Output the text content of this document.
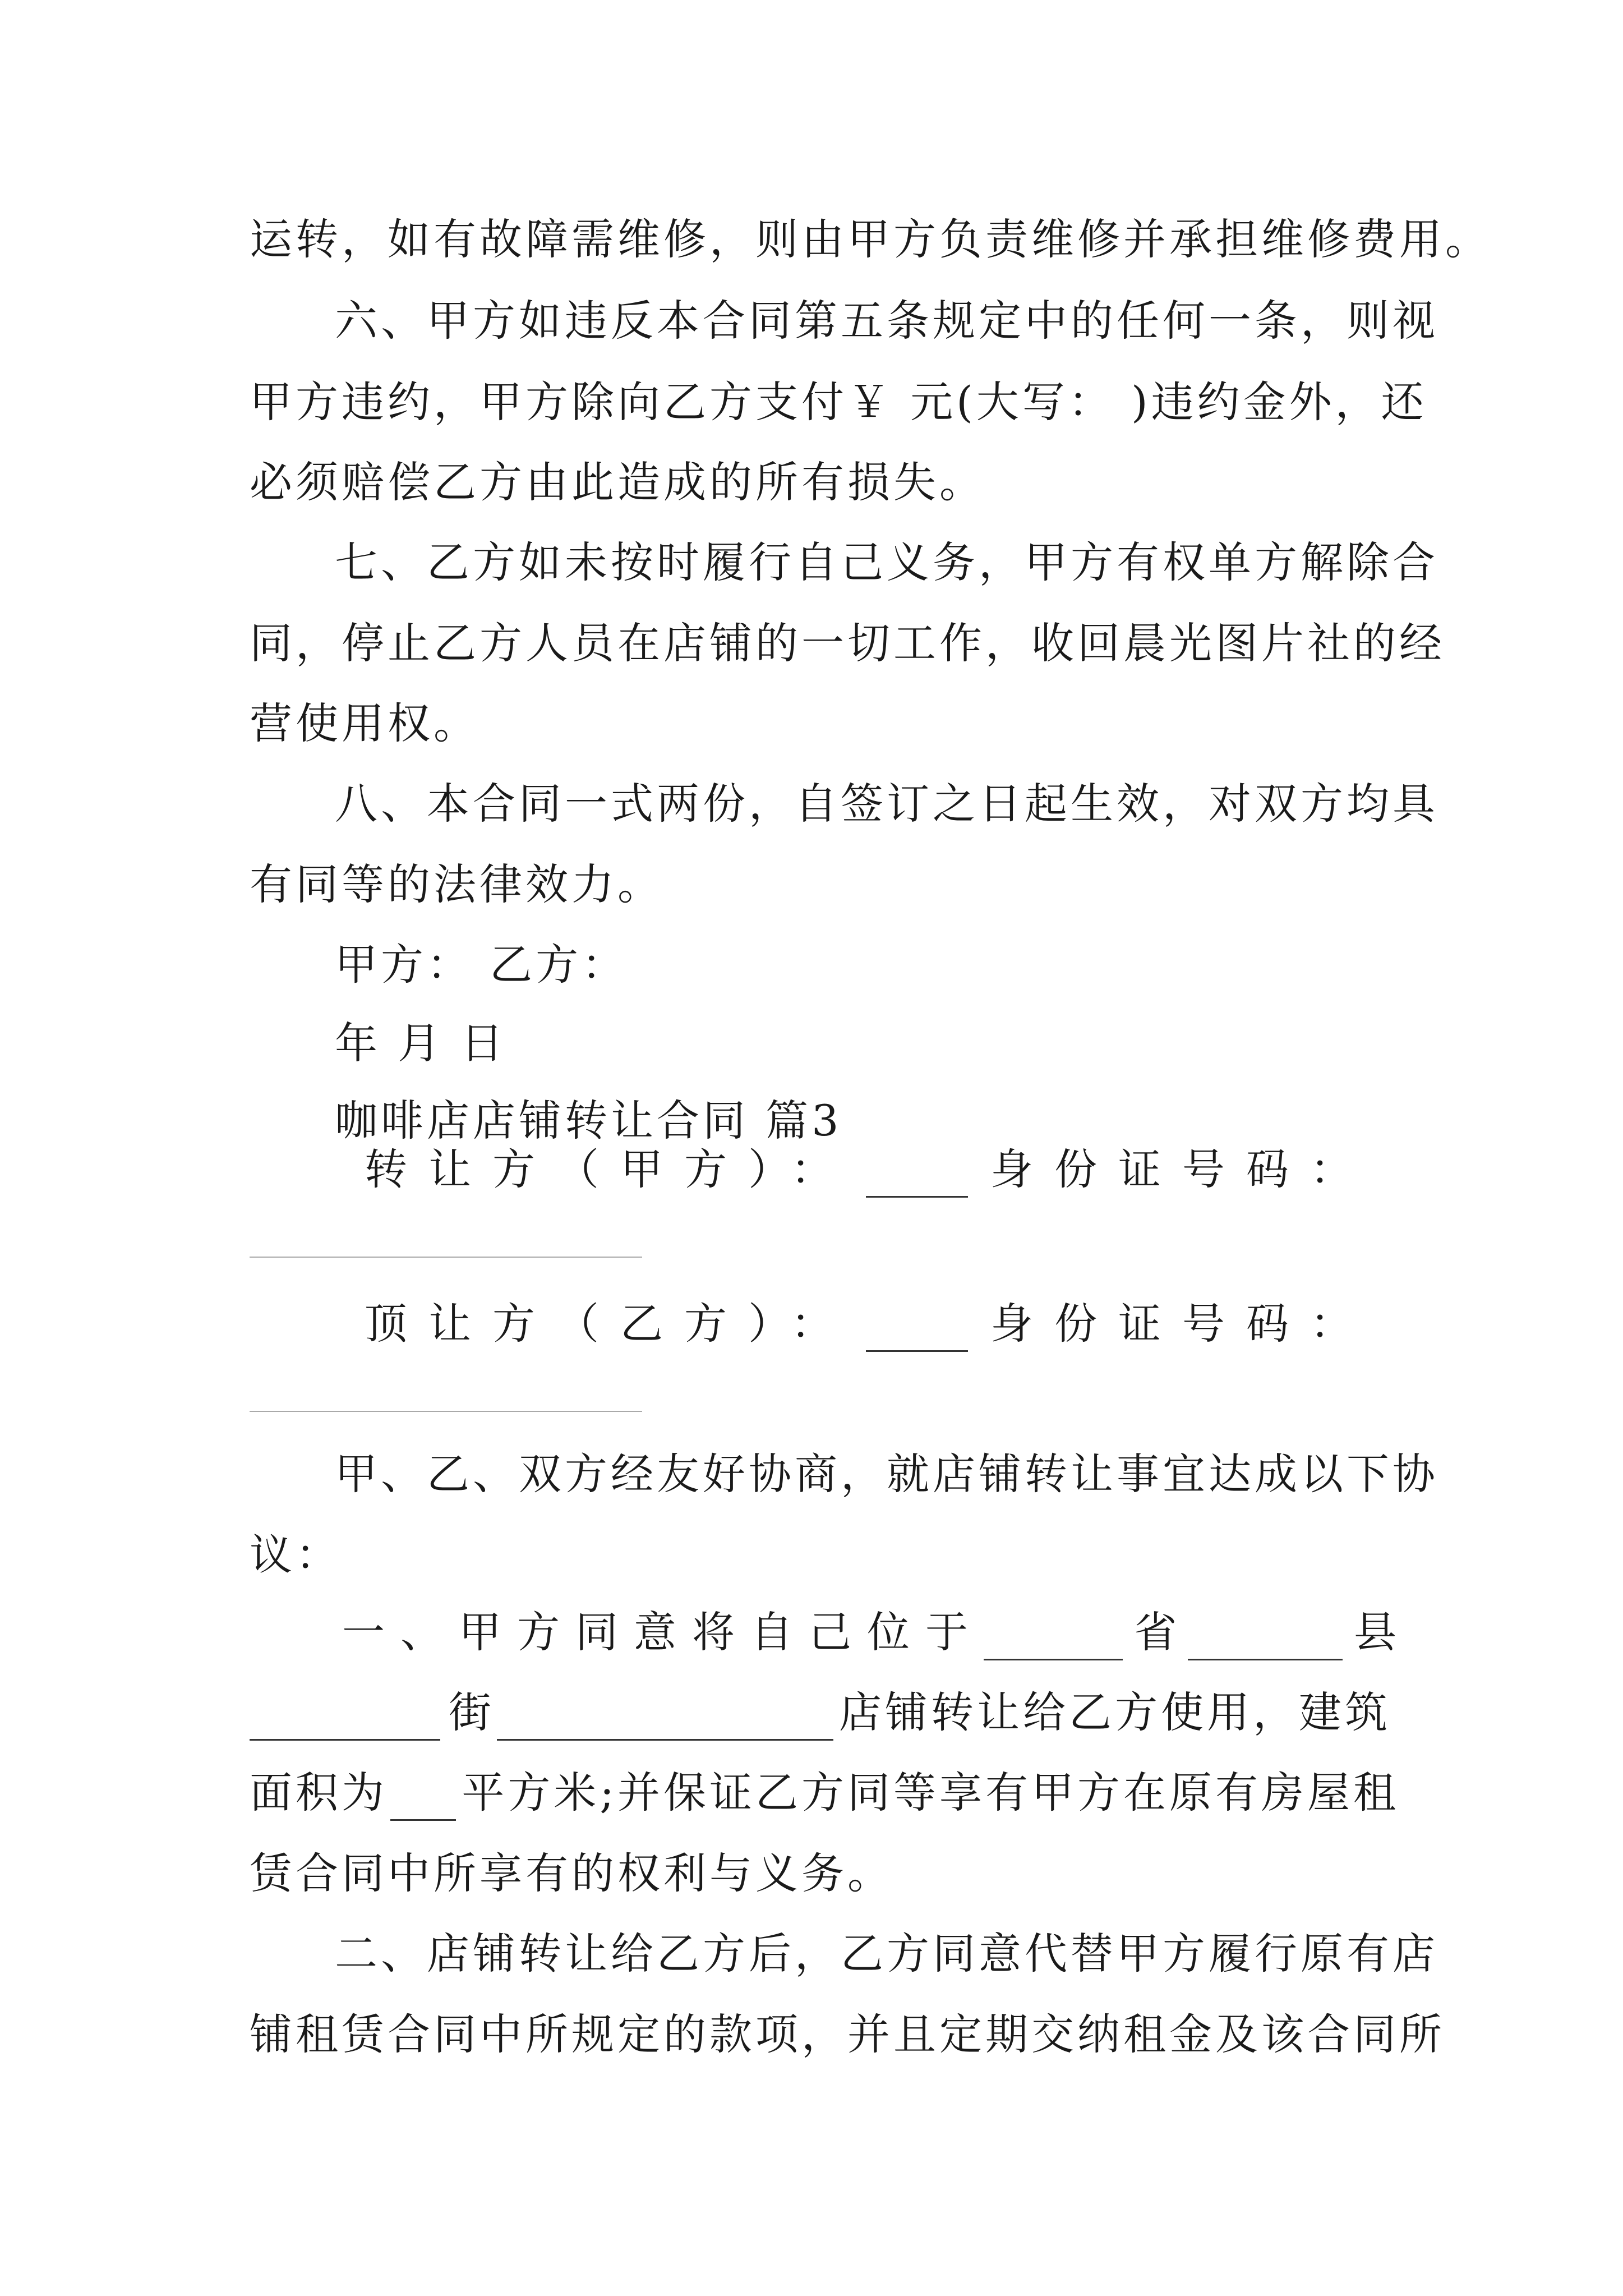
运转，如有故障需维修，则由甲方负责维修并承担维修费用。
六、甲方如违反本合同第五条规定中的任何一条，则视
甲方违约，甲方除向乙方支付￥ 元(大写： )违约金外，还
必须赔偿乙方由此造成的所有损失。
七、乙方如未按时履行自己义务，甲方有权单方解除合
同，停止乙方人员在店铺的一切工作，收回晨光图片社的经
营使用权。
八、本合同一式两份，自签订之日起生效，对双方均具
有同等的法律效力。
甲方： 乙方：
年 月 日
咖啡店店铺转让合同 篇3
转让方（甲方）：	身份证号码：
顶让方（乙方）：	身份证号码：
甲、乙、双方经友好协商，就店铺转让事宜达成以下协
议：
一、甲方同意将自己位于	省	县
街	店铺转让给乙方使用，建筑
面积为 平方米;并保证乙方同等享有甲方在原有房屋租
赁合同中所享有的权利与义务。
二、店铺转让给乙方后，乙方同意代替甲方履行原有店
铺租赁合同中所规定的款项，并且定期交纳租金及该合同所
